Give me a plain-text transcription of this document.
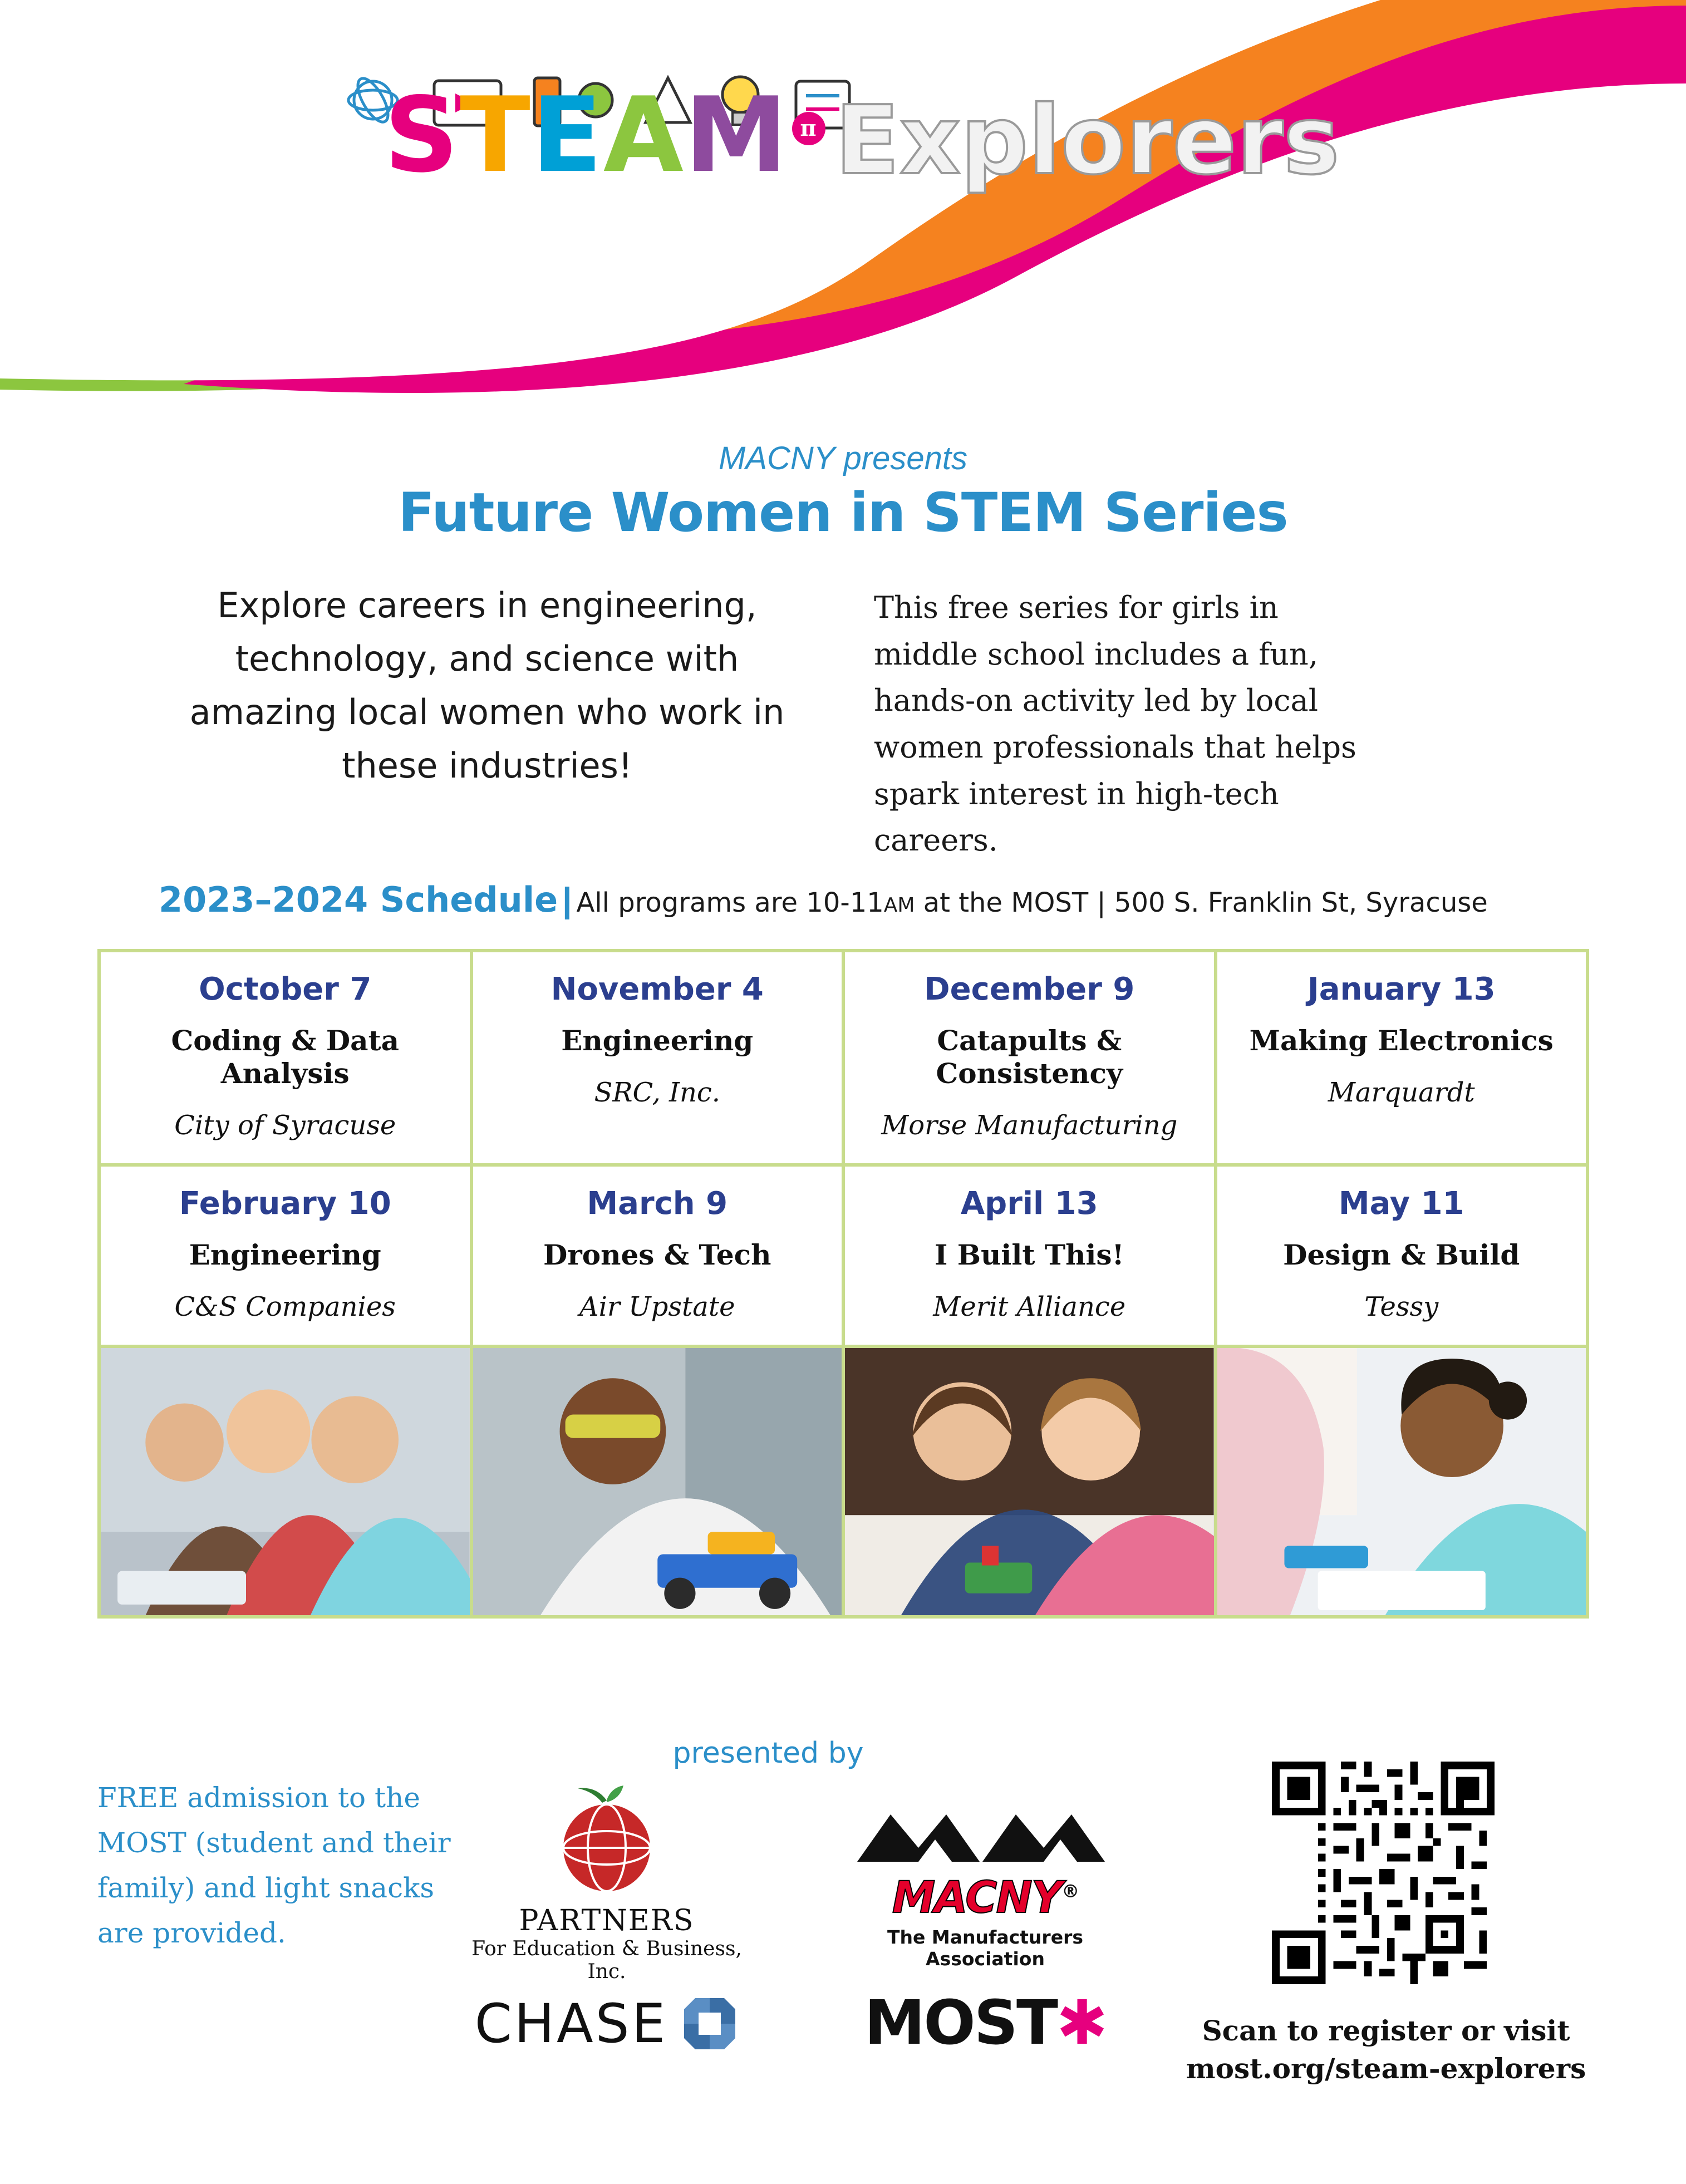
STEAM π Explorers
MACNY presents
Future Women in STEM Series
Explore careers in engineering, technology, and science with amazing local women who work in these industries!
This free series for girls in middle school includes a fun, hands-on activity led by local women professionals that helps spark interest in high-tech careers.
2023–2024 Schedule | All programs are 10-11AM at the MOST | 500 S. Franklin St, Syracuse
October 7
Coding & Data Analysis
City of Syracuse
November 4
Engineering
SRC, Inc.
December 9
Catapults & Consistency
Morse Manufacturing
January 13
Making Electronics
Marquardt
February 10
Engineering
C&S Companies
March 9
Drones & Tech
Air Upstate
April 13
I Built This!
Merit Alliance
May 11
Design & Build
Tessy
FREE admission to the MOST (student and their family) and light snacks are provided.
presented by
PARTNERS
For Education & Business, Inc.
MACNY®
The Manufacturers Association
CHASE	MOST✱	Scan to register or visit
most.org/steam-explorers
